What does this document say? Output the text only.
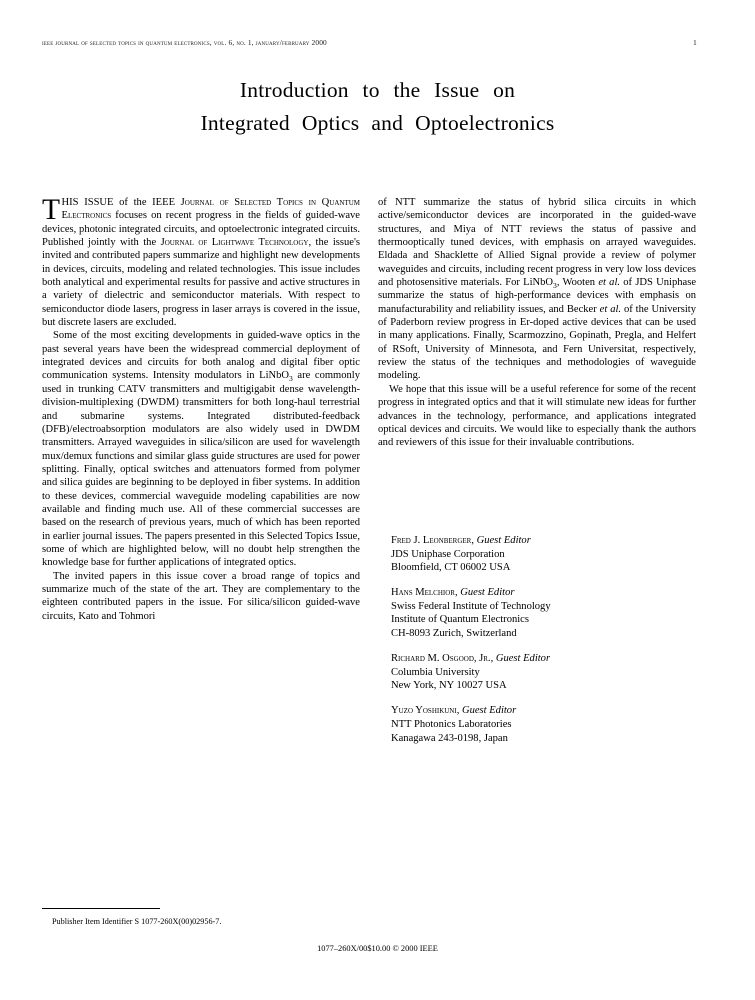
ieee journal of selected topics in quantum electronics, vol. 6, no. 1, january/february 2000	1
Introduction to the Issue on
Integrated Optics and Optoelectronics

THIS ISSUE of the IEEE Journal of Selected Topics in Quantum Electronics focuses on recent progress in the fields of guided-wave devices, photonic integrated circuits, and optoelectronic integrated circuits. Published jointly with the Journal of Lightwave Technology, the issue's invited and contributed papers summarize and highlight new developments in devices, circuits, modeling and related technologies. This issue includes both analytical and experimental results for passive and active structures in a variety of dielectric and semiconductor materials. With respect to semiconductor diode lasers, progress in laser arrays is covered in the issue, but discrete lasers are excluded.

Some of the most exciting developments in guided-wave optics in the past several years have been the widespread commercial deployment of integrated devices and circuits for both analog and digital fiber optic communication systems. Intensity modulators in LiNbO$_3$ are commonly used in trunking CATV transmitters and multigigabit dense wavelength-division-multiplexing (DWDM) transmitters for both long-haul terrestrial and submarine systems. Integrated distributed-feedback (DFB)/electroabsorption modulators are also widely used in DWDM transmitters. Arrayed waveguides in silica/silicon are used for wavelength mux/demux functions and similar glass guide structures are used for power splitting. Finally, optical switches and attenuators formed from polymer and silica guides are beginning to be deployed in fiber systems. In addition to these devices, commercial waveguide modeling capabilities are now available and finding much use. All of these commercial successes are based on the research of previous years, much of which has been reported in earlier journal issues. The papers presented in this Selected Topics Issue, some of which are highlighted below, will no doubt help strengthen the knowledge base for further applications of integrated optics.

The invited papers in this issue cover a broad range of topics and summarize much of the state of the art. They are complementary to the eighteen contributed papers in the issue. For silica/silicon guided-wave circuits, Kato and Tohmori

of NTT summarize the status of hybrid silica circuits in which active/semiconductor devices are incorporated in the guided-wave structures, and Miya of NTT reviews the status of passive and thermooptically tuned devices, with emphasis on arrayed waveguides. Eldada and Shacklette of Allied Signal provide a review of polymer waveguides and circuits, including recent progress in very low loss devices and photosensitive materials. For LiNbO$_3$, Wooten et al. of JDS Uniphase summarize the status of high-performance devices with emphasis on manufacturability and reliability issues, and Becker et al. of the University of Paderborn review progress in Er-doped active devices that can be used in many applications. Finally, Scarmozzino, Gopinath, Pregla, and Helfert of RSoft, University of Minnesota, and Fern Universitat, respectively, review the status of the techniques and methodologies of waveguide modeling.

We hope that this issue will be a useful reference for some of the recent progress in integrated optics and that it will stimulate new ideas for further advances in the technology, performance, and applications integrated optical devices and circuits. We would like to especially thank the authors and reviewers of this issue for their invaluable contributions.

Fred J. Leonberger, Guest Editor
JDS Uniphase Corporation
Bloomfield, CT 06002 USA
Hans Melchior, Guest Editor
Swiss Federal Institute of Technology
Institute of Quantum Electronics
CH-8093 Zurich, Switzerland
Richard M. Osgood, Jr., Guest Editor
Columbia University
New York, NY 10027 USA
Yuzo Yoshikuni, Guest Editor
NTT Photonics Laboratories
Kanagawa 243-0198, Japan
Publisher Item Identifier S 1077-260X(00)02956-7.
1077–260X/00$10.00 © 2000 IEEE
